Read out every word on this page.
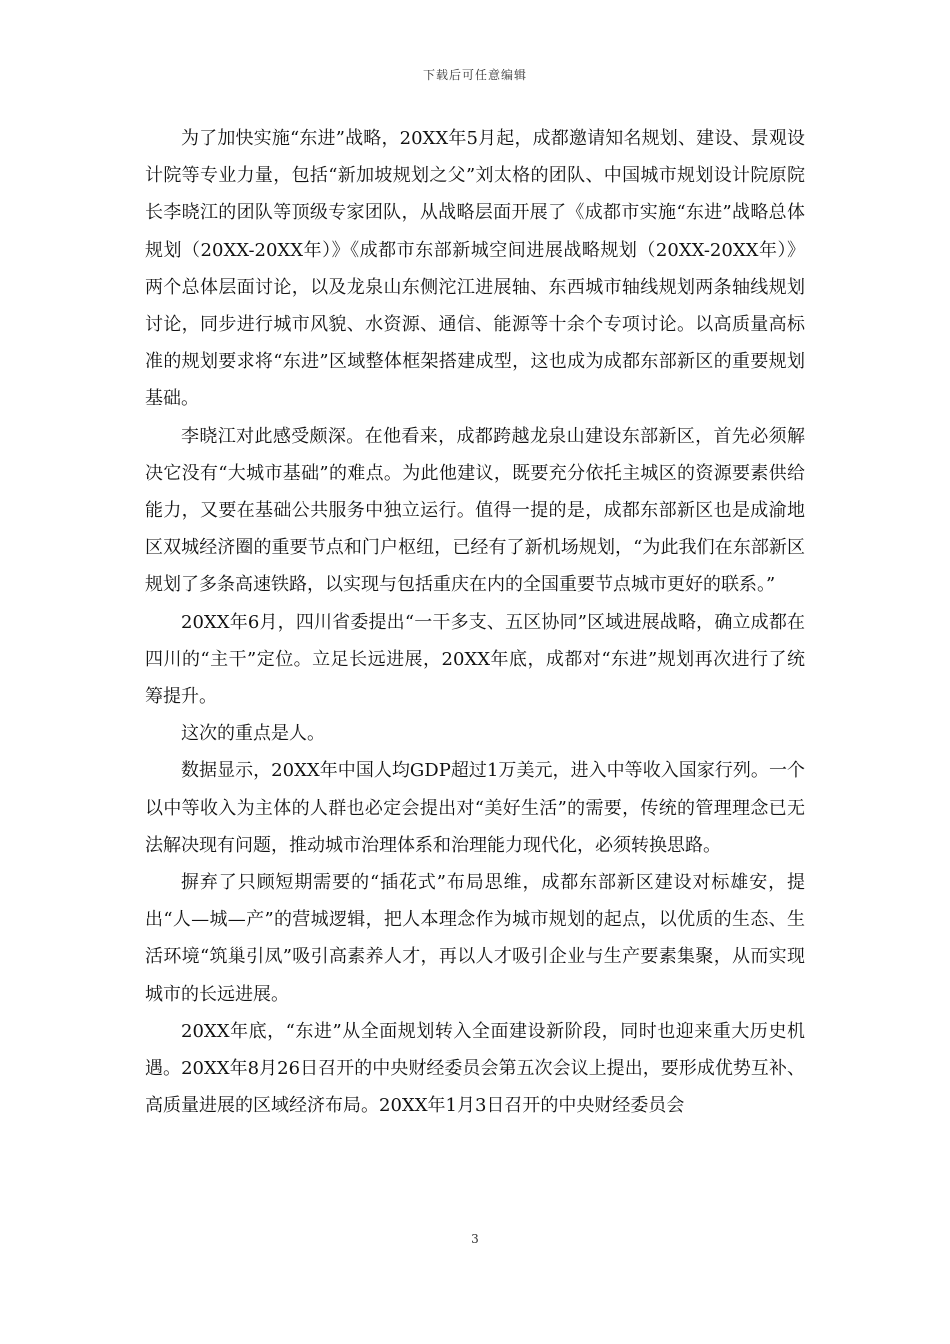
下载后可任意编辑

为了加快实施“东进”战略，20XX年5月起，成都邀请知名规划、建设、景观设计院等专业力量，包括“新加坡规划之父”刘太格的团队、中国城市规划设计院原院长李晓江的团队等顶级专家团队，从战略层面开展了《成都市实施“东进”战略总体规划（20XX-20XX年）》《成都市东部新城空间进展战略规划（20XX-20XX年）》两个总体层面讨论，以及龙泉山东侧沱江进展轴、东西城市轴线规划两条轴线规划讨论，同步进行城市风貌、水资源、通信、能源等十余个专项讨论。以高质量高标准的规划要求将“东进”区域整体框架搭建成型，这也成为成都东部新区的重要规划基础。

李晓江对此感受颇深。在他看来，成都跨越龙泉山建设东部新区，首先必须解决它没有“大城市基础”的难点。为此他建议，既要充分依托主城区的资源要素供给能力，又要在基础公共服务中独立运行。值得一提的是，成都东部新区也是成渝地区双城经济圈的重要节点和门户枢纽，已经有了新机场规划，“为此我们在东部新区规划了多条高速铁路，以实现与包括重庆在内的全国重要节点城市更好的联系。”

20XX年6月，四川省委提出“一干多支、五区协同”区域进展战略，确立成都在四川的“主干”定位。立足长远进展，20XX年底，成都对“东进”规划再次进行了统筹提升。

这次的重点是人。

数据显示，20XX年中国人均GDP超过1万美元，进入中等收入国家行列。一个以中等收入为主体的人群也必定会提出对“美好生活”的需要，传统的管理理念已无法解决现有问题，推动城市治理体系和治理能力现代化，必须转换思路。

摒弃了只顾短期需要的“插花式”布局思维，成都东部新区建设对标雄安，提出“人—城—产”的营城逻辑，把人本理念作为城市规划的起点，以优质的生态、生活环境“筑巢引凤”吸引高素养人才，再以人才吸引企业与生产要素集聚，从而实现城市的长远进展。

20XX年底，“东进”从全面规划转入全面建设新阶段，同时也迎来重大历史机遇。20XX年8月26日召开的中央财经委员会第五次会议上提出，要形成优势互补、高质量进展的区域经济布局。20XX年1月3日召开的中央财经委员会

3
